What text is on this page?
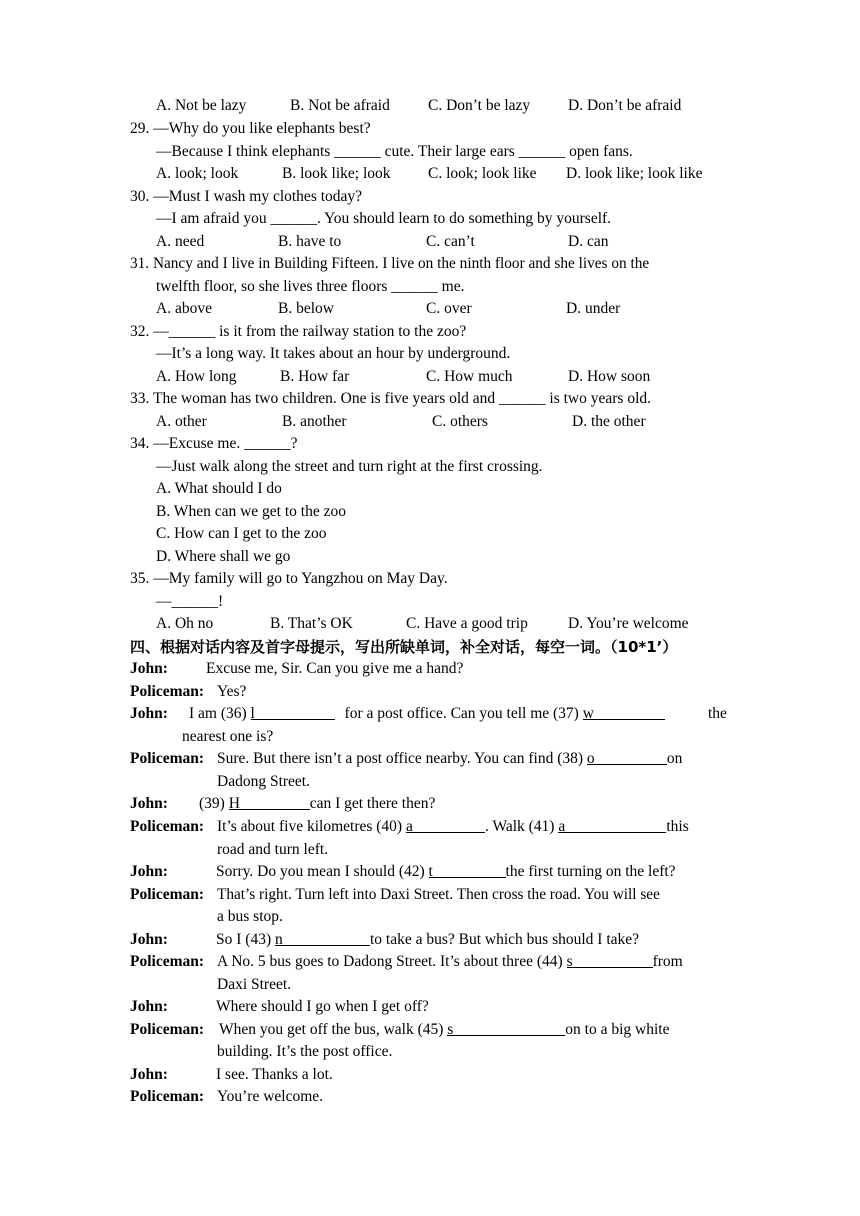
A. Not be lazy	B. Not be afraid C. Don’t be lazy D. Don’t be afraid
29. —Why do you like elephants best?
—Because I think elephants ______ cute. Their large ears ______ open fans.
A. look; look	B. look like; look C. look; look like D. look like; look like
30. —Must I wash my clothes today?
—I am afraid you ______. You should learn to do something by yourself.
A. need	B. have to	C. can’t	D. can
31. Nancy and I live in Building Fifteen. I live on the ninth floor and she lives on the
twelfth floor, so she lives three floors ______ me.
A. above	B. below	C. over	D. under
32. —______ is it from the railway station to the zoo?
—It’s a long way. It takes about an hour by underground.
A. How long	B. How far	C. How much	D. How soon
33. The woman has two children. One is five years old and ______ is two years old.
A. other	B. another	C. others	D. the other
34. —Excuse me. ______?
—Just walk along the street and turn right at the first crossing.
A. What should I do
B. When can we get to the zoo
C. How can I get to the zoo
D. Where shall we go
35. —My family will go to Yangzhou on May Day.
—______!
A. Oh no	B. That’s OK	C. Have a good trip	D. You’re welcome
四、根据对话内容及首字母提示，写出所缺单词，补全对话，每空一词。（10*1’）
John: Excuse me, Sir. Can you give me a hand?
Policeman: Yes?
John: I am (36) l	for a post office. Can you tell me (37) w	the
nearest one is?
Policeman: Sure. But there isn’t a post office nearby. You can find (38) o	on
Dadong Street.
John: (39) H	can I get there then?
Policeman: It’s about five kilometres (40) a	. Walk (41) a	this
road and turn left.
John:	Sorry. Do you mean I should (42) t	the first turning on the left?
Policeman: That’s right. Turn left into Daxi Street. Then cross the road. You will see
a bus stop.
John:	So I (43) n	to take a bus? But which bus should I take?
Policeman: A No. 5 bus goes to Dadong Street. It’s about three (44) s	from
Daxi Street.
John:	Where should I go when I get off?
Policeman: When you get off the bus, walk (45) s	on to a big white
building. It’s the post office.
John:	I see. Thanks a lot.
Policeman: You’re welcome.
